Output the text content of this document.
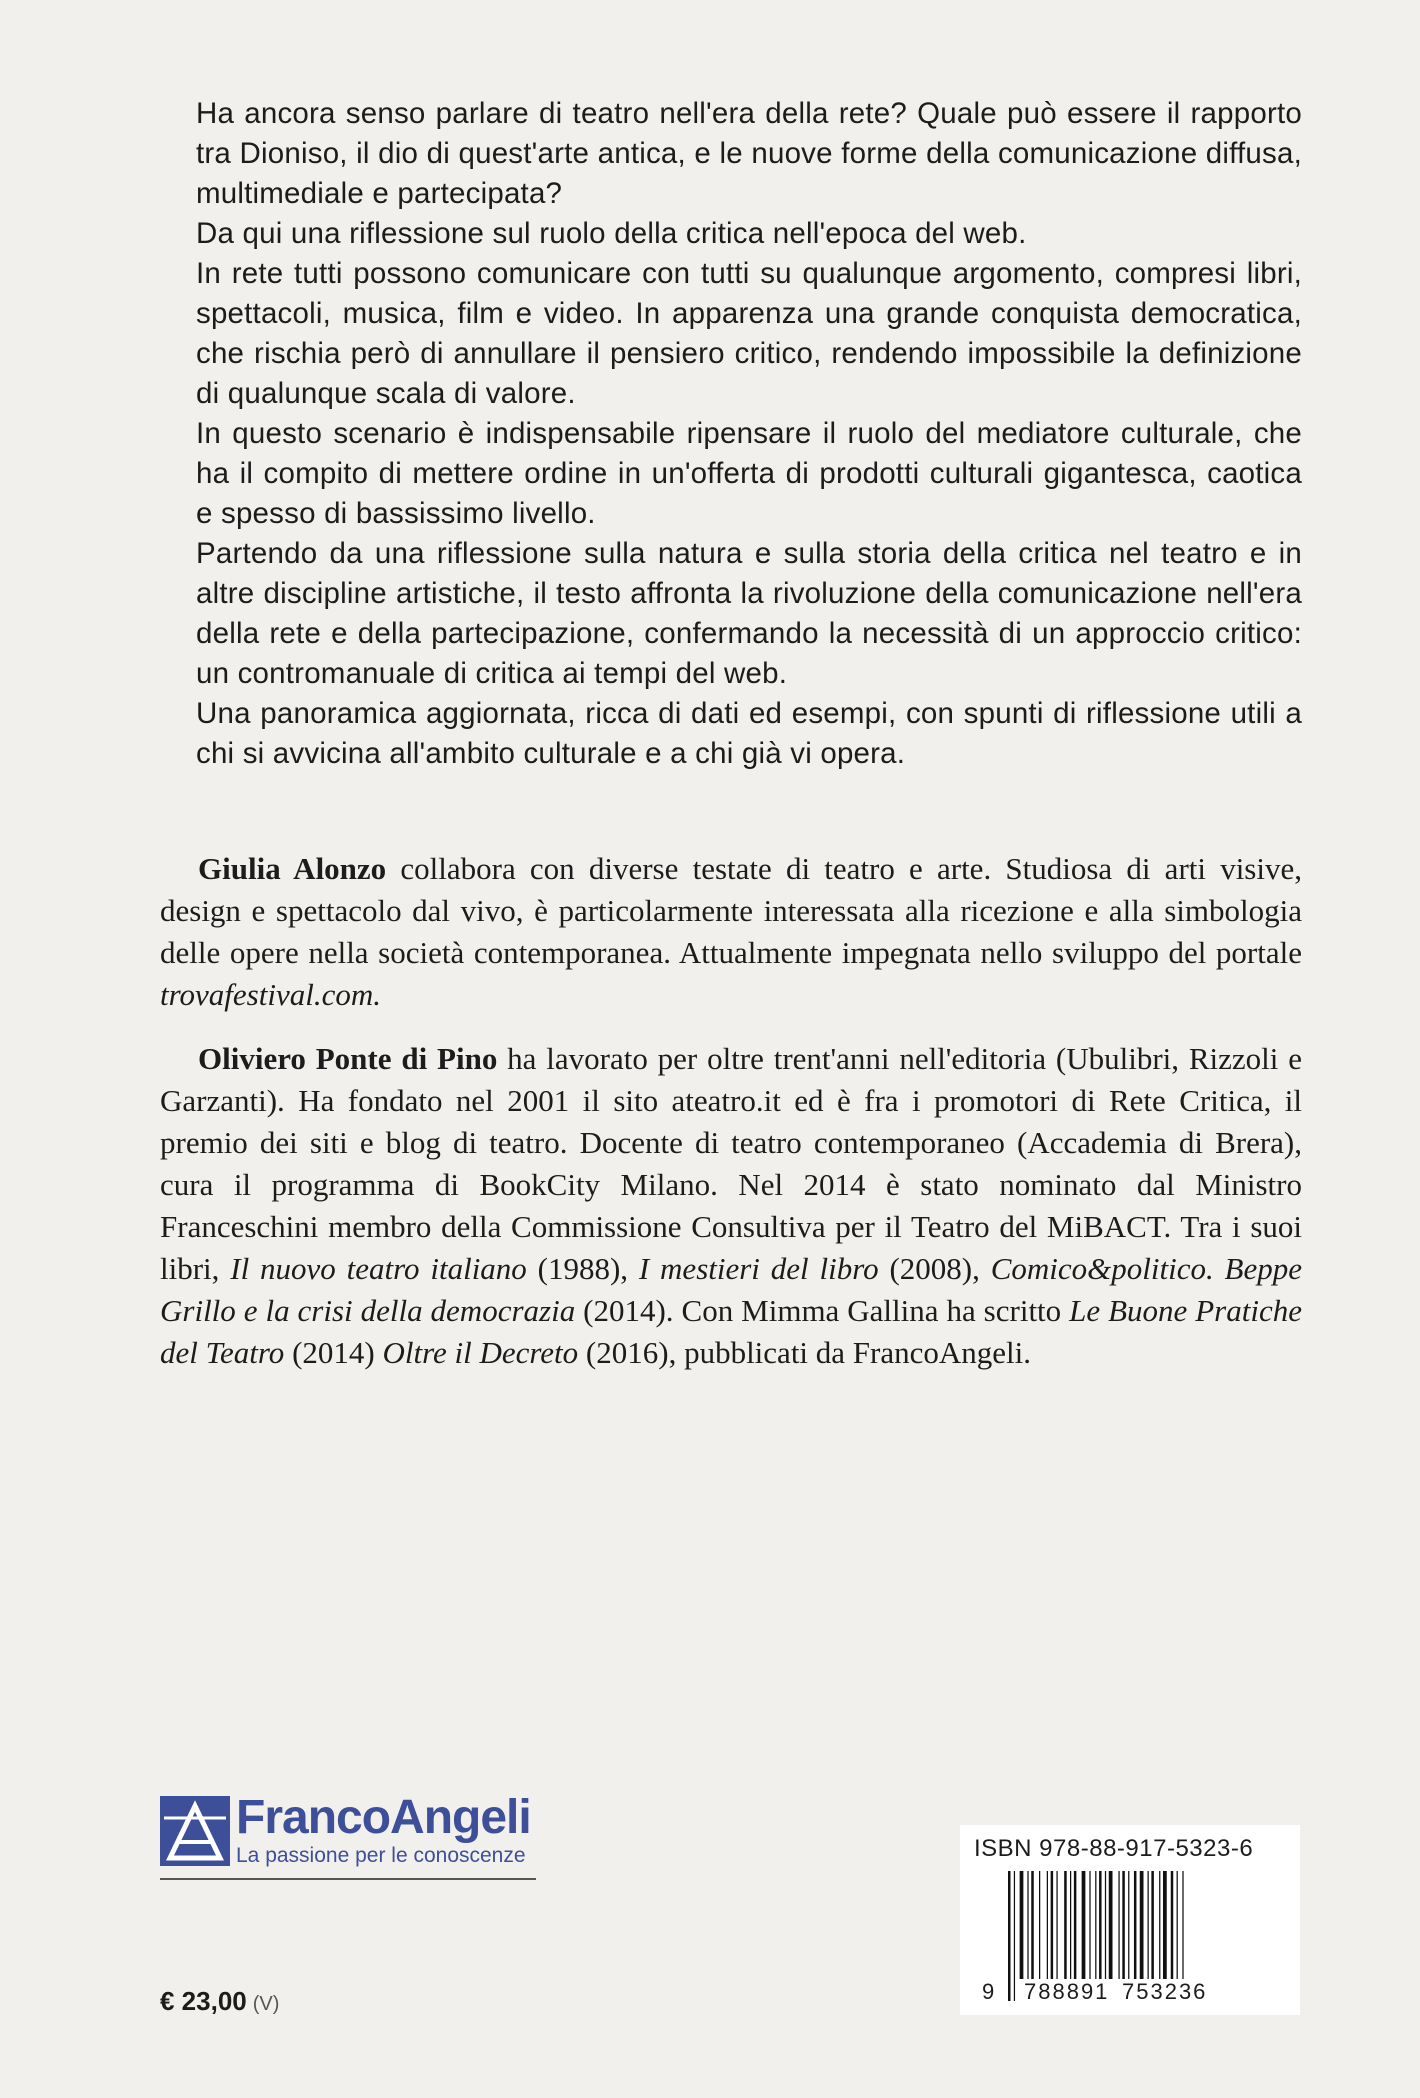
Ha ancora senso parlare di teatro nell'era della rete? Quale può essere il rapporto tra Dioniso, il dio di quest'arte antica, e le nuove forme della comunicazione diffusa, multimediale e partecipata?

Da qui una riflessione sul ruolo della critica nell'epoca del web.

In rete tutti possono comunicare con tutti su qualunque argomento, compresi libri, spettacoli, musica, film e video. In apparenza una grande conquista democratica, che rischia però di annullare il pensiero critico, rendendo impossibile la definizione di qualunque scala di valore.

In questo scenario è indispensabile ripensare il ruolo del mediatore culturale, che ha il compito di mettere ordine in un'offerta di prodotti culturali gigantesca, caotica e spesso di bassissimo livello.

Partendo da una riflessione sulla natura e sulla storia della critica nel teatro e in altre discipline artistiche, il testo affronta la rivoluzione della comunicazione nell'era della rete e della partecipazione, confermando la necessità di un approccio critico: un contromanuale di critica ai tempi del web.

Una panoramica aggiornata, ricca di dati ed esempi, con spunti di riflessione utili a chi si avvicina all'ambito culturale e a chi già vi opera.

Giulia Alonzo collabora con diverse testate di teatro e arte. Studiosa di arti visive, design e spettacolo dal vivo, è particolarmente interessata alla ricezione e alla simbologia delle opere nella società contemporanea. Attualmente impegnata nello sviluppo del portale trovafestival.com.

Oliviero Ponte di Pino ha lavorato per oltre trent'anni nell'editoria (Ubulibri, Rizzoli e Garzanti). Ha fondato nel 2001 il sito ateatro.it ed è fra i promotori di Rete Critica, il premio dei siti e blog di teatro. Docente di teatro contemporaneo (Accademia di Brera), cura il programma di BookCity Milano. Nel 2014 è stato nominato dal Ministro Franceschini membro della Commissione Consultiva per il Teatro del MiBACT. Tra i suoi libri, Il nuovo teatro italiano (1988), I mestieri del libro (2008), Comico&politico. Beppe Grillo e la crisi della democrazia (2014). Con Mimma Gallina ha scritto Le Buone Pratiche del Teatro (2014) Oltre il Decreto (2016), pubblicati da FrancoAngeli.

FrancoAngeli
La passione per le conoscenze
€ 23,00 (V)
ISBN 978-88-917-5323-6
9 788891 753236
